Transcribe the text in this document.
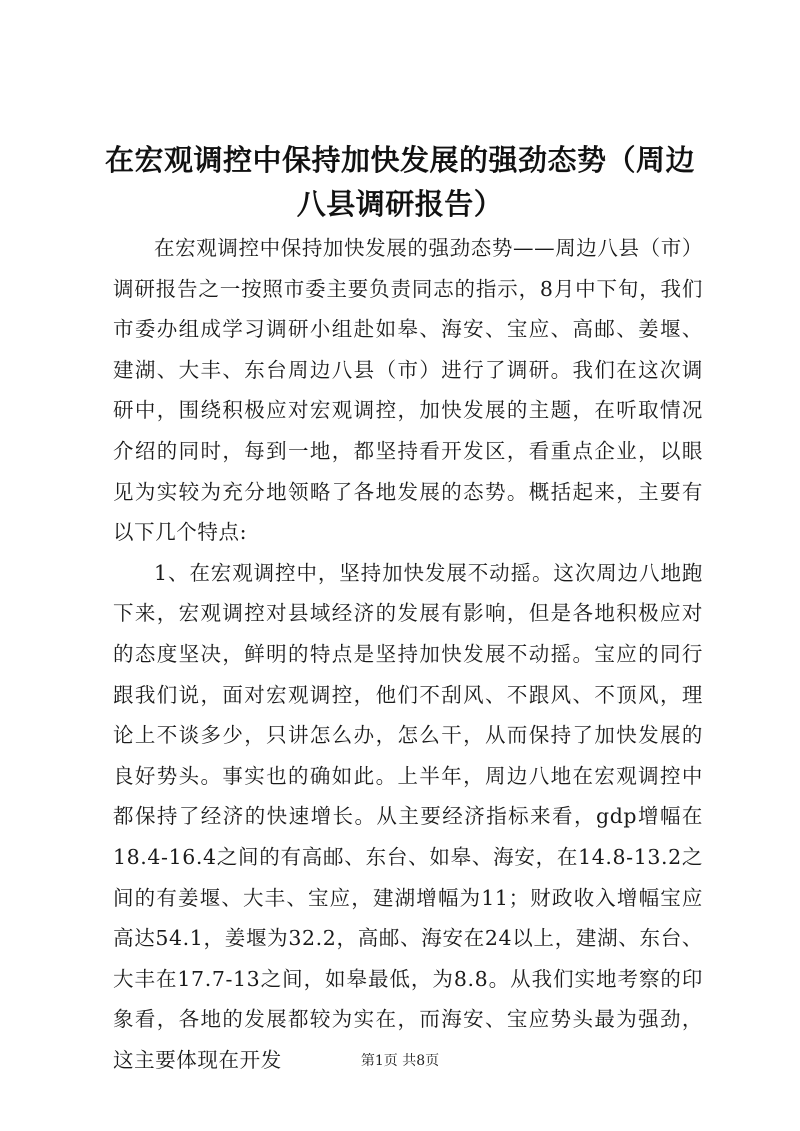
在宏观调控中保持加快发展的强劲态势（周边八县调研报告）

在宏观调控中保持加快发展的强劲态势——周边八县（市）调研报告之一按照市委主要负责同志的指示，8月中下旬，我们市委办组成学习调研小组赴如皋、海安、宝应、高邮、姜堰、建湖、大丰、东台周边八县（市）进行了调研。我们在这次调研中，围绕积极应对宏观调控，加快发展的主题，在听取情况介绍的同时，每到一地，都坚持看开发区，看重点企业，以眼见为实较为充分地领略了各地发展的态势。概括起来，主要有以下几个特点:

1、在宏观调控中，坚持加快发展不动摇。这次周边八地跑下来，宏观调控对县域经济的发展有影响，但是各地积极应对的态度坚决，鲜明的特点是坚持加快发展不动摇。宝应的同行跟我们说，面对宏观调控，他们不刮风、不跟风、不顶风，理论上不谈多少，只讲怎么办，怎么干，从而保持了加快发展的良好势头。事实也的确如此。上半年，周边八地在宏观调控中都保持了经济的快速增长。从主要经济指标来看，gdp增幅在18.4-16.4之间的有高邮、东台、如皋、海安，在14.8-13.2之间的有姜堰、大丰、宝应，建湖增幅为11；财政收入增幅宝应高达54.1，姜堰为32.2，高邮、海安在24以上，建湖、东台、大丰在17.7-13之间，如皋最低，为8.8。从我们实地考察的印象看，各地的发展都较为实在，而海安、宝应势头最为强劲，这主要体现在开发	第1页 共8页
